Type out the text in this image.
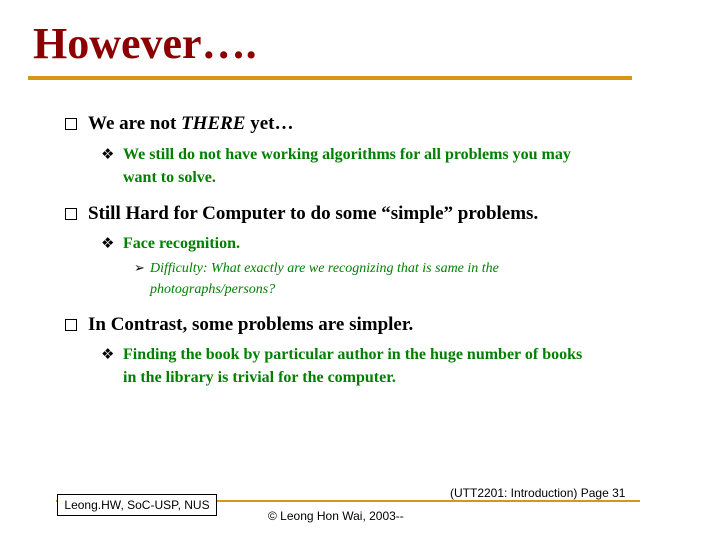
However….
We are not THERE yet…
❖ We still do not have working algorithms for all problems you may
want to solve.
Still Hard for Computer to do some “simple” problems.
❖ Face recognition.
➢ Difficulty: What exactly are we recognizing that is same in the
photographs/persons?
In Contrast, some problems are simpler.
❖ Finding the book by particular author in the huge number of books
in the library is trivial for the computer.
(UTT2201: Introduction) Page 31
Leong.HW, SoC-USP, NUS
© Leong Hon Wai, 2003--
